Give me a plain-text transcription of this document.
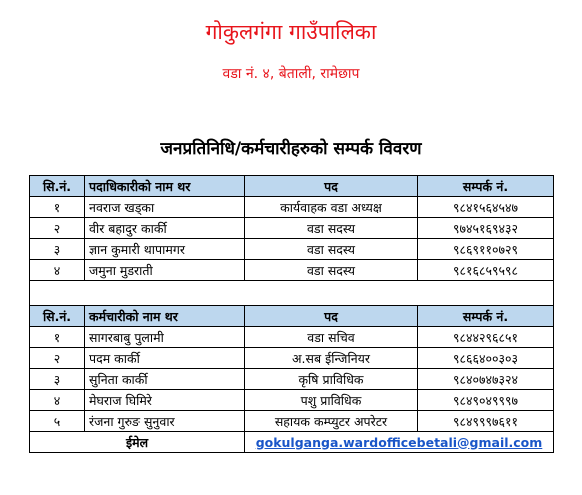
गोकुलगंगा गाउँपालिका
वडा नं. ४, बेताली, रामेछाप
जनप्रतिनिधि/कर्मचारीहरुको सम्पर्क विवरण
सि.नं.	पदाधिकारीको नाम थर	पद	सम्पर्क नं.
१	नवराज खड्का	कार्यवाहक वडा अध्यक्ष	९८४१५६४५४७
२	वीर बहादुर कार्की	वडा सदस्य	९७४५१६९४३२
३	ज्ञान कुमारी थापामगर	वडा सदस्य	९८६९११०७२९
४	जमुना मुडराती	वडा सदस्य	९८१६८५९५९८

सि.नं.	कर्मचारीको नाम थर	पद	सम्पर्क नं.
१	सागरबाबु पुलामी	वडा सचिव	९८४४२९६८५१
२	पदम कार्की	अ.सब ईन्जिनियर	९८६६४००३०३
३	सुनिता कार्की	कृषि प्राविधिक	९८४०७४७३२४
४	मेघराज घिमिरे	पशु प्राविधिक	९८४९०४९९९७
५	रंजना गुरुङ सुनुवार	सहायक कम्प्युटर अपरेटर	९८४९९९७६११
ईमेल		gokulganga.wardofficebetali@gmail.com	
